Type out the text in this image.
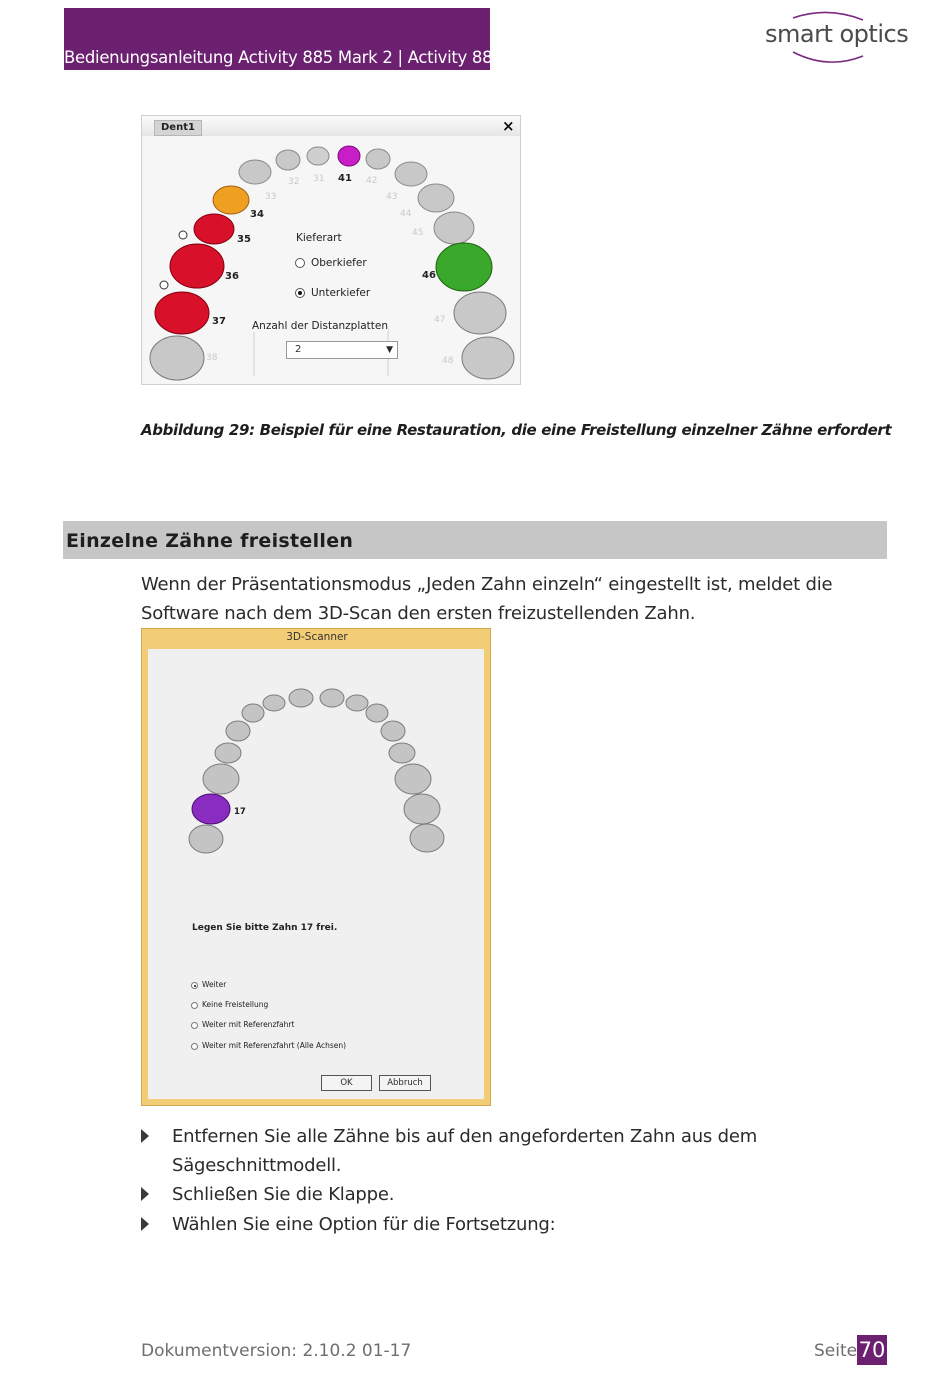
Bedienungsanleitung Activity 885 Mark 2 | Activity 888
smart optics
Dent1	×
34
35
36
37
41
46
32 31	42
33	43
44
45
47
38	48
Kieferart
Oberkiefer
Unterkiefer
Anzahl der Distanzplatten
2	▼
Abbildung 29: Beispiel für eine Restauration, die eine Freistellung einzelner Zähne erfordert
Einzelne Zähne freistellen
Wenn der Präsentationsmodus „Jeden Zahn einzeln“ eingestellt ist, meldet die Software nach dem 3D-Scan den ersten freizustellenden Zahn.
3D-Scanner
17
Legen Sie bitte Zahn 17 frei.
Weiter
Keine Freistellung
Weiter mit Referenzfahrt
Weiter mit Referenzfahrt (Alle Achsen)
OK	Abbruch
Entfernen Sie alle Zähne bis auf den angeforderten Zahn aus dem Sägeschnittmodell.
Schließen Sie die Klappe.
Wählen Sie eine Option für die Fortsetzung:
Dokumentversion: 2.10.2 01-17	Seite 70
